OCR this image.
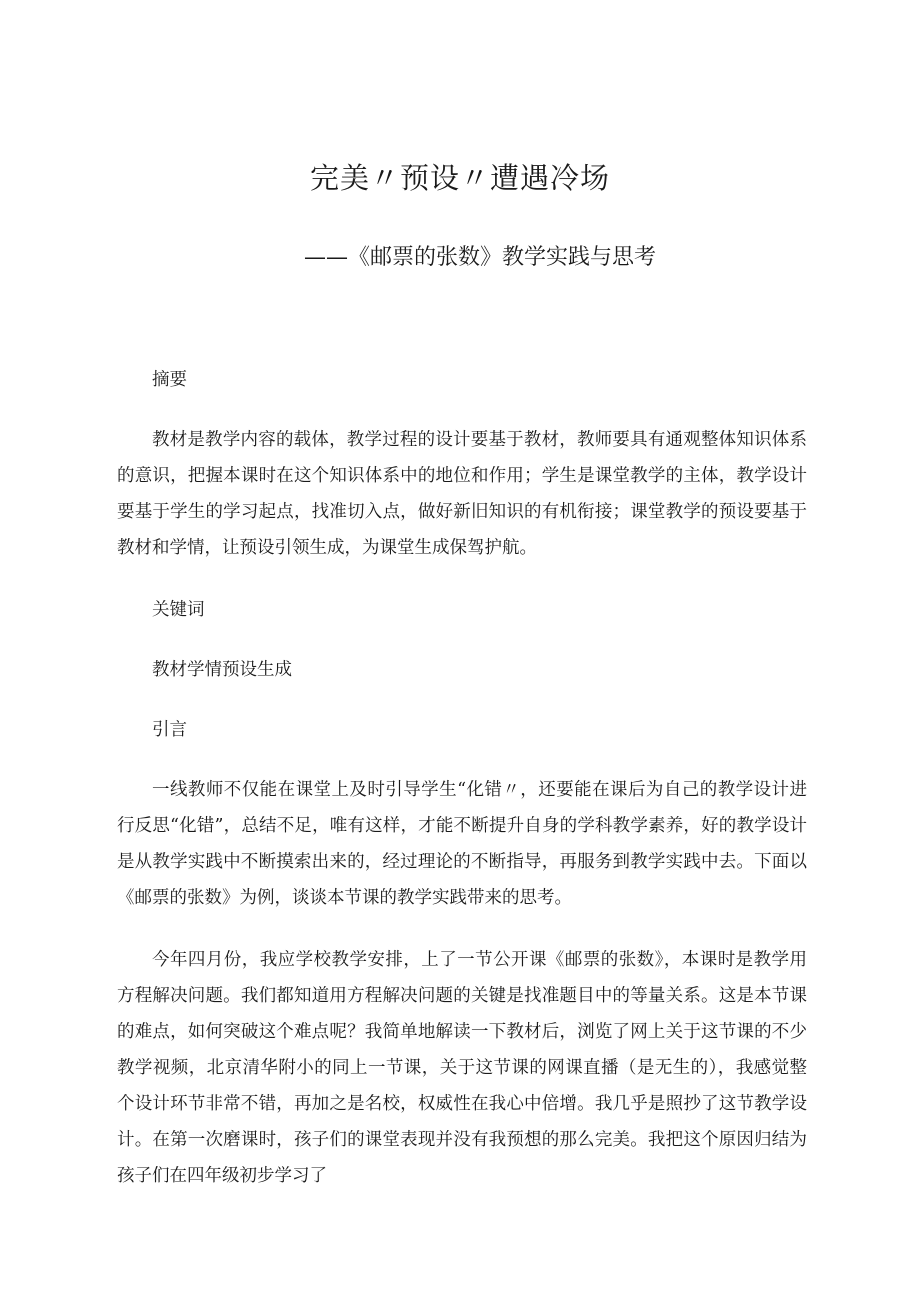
完美〃预设〃遭遇冷场
——《邮票的张数》教学实践与思考

摘要

教材是教学内容的载体，教学过程的设计要基于教材，教师要具有通观整体知识体系的意识，把握本课时在这个知识体系中的地位和作用；学生是课堂教学的主体，教学设计要基于学生的学习起点，找准切入点，做好新旧知识的有机衔接；课堂教学的预设要基于教材和学情，让预设引领生成，为课堂生成保驾护航。

关键词

教材学情预设生成

引言

一线教师不仅能在课堂上及时引导学生“化错〃，还要能在课后为自己的教学设计进行反思“化错”，总结不足，唯有这样，才能不断提升自身的学科教学素养，好的教学设计是从教学实践中不断摸索出来的，经过理论的不断指导，再服务到教学实践中去。下面以《邮票的张数》为例，谈谈本节课的教学实践带来的思考。

今年四月份，我应学校教学安排，上了一节公开课《邮票的张数》，本课时是教学用方程解决问题。我们都知道用方程解决问题的关键是找准题目中的等量关系。这是本节课的难点，如何突破这个难点呢？我简单地解读一下教材后，浏览了网上关于这节课的不少教学视频，北京清华附小的同上一节课，关于这节课的网课直播（是无生的），我感觉整个设计环节非常不错，再加之是名校，权威性在我心中倍增。我几乎是照抄了这节教学设计。在第一次磨课时，孩子们的课堂表现并没有我预想的那么完美。我把这个原因归结为孩子们在四年级初步学习了
